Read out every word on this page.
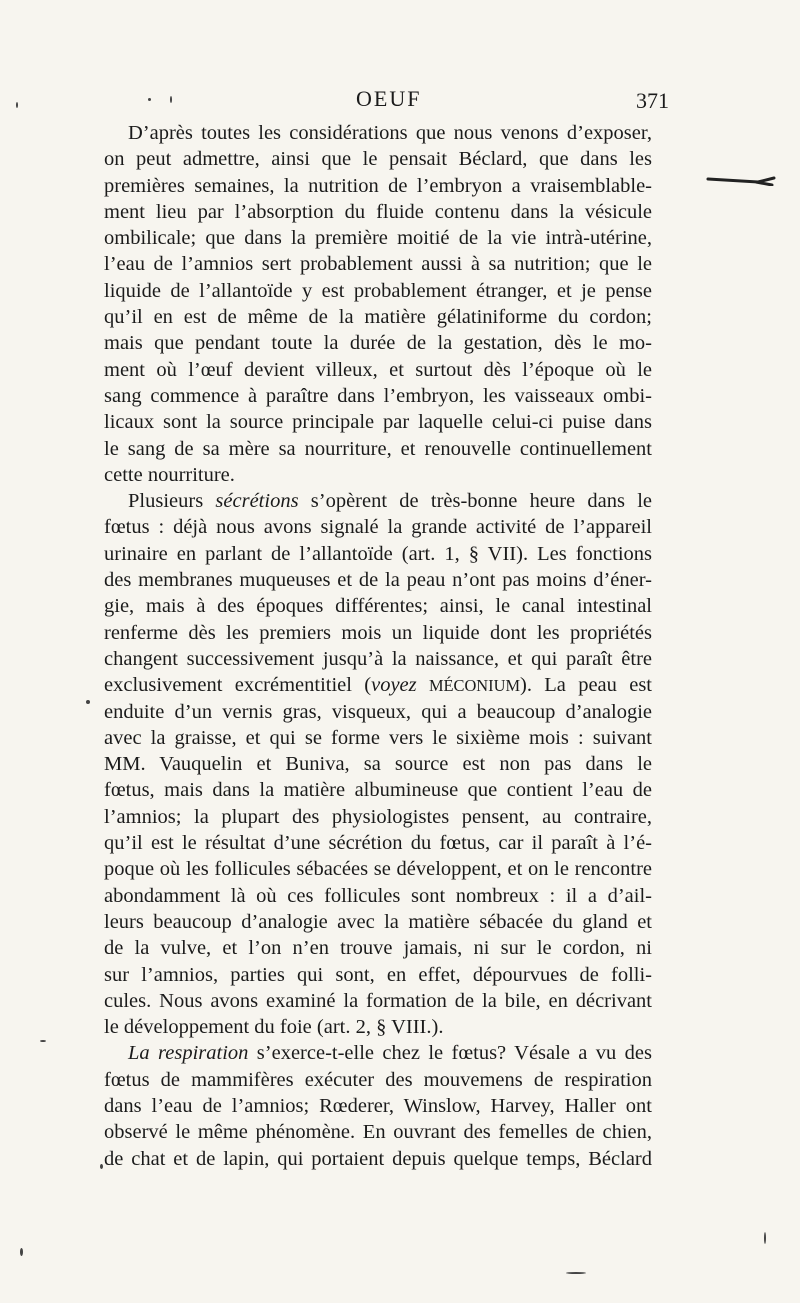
OEUF	371
D’après toutes les considérations que nous venons d’exposer,
on peut admettre, ainsi que le pensait Béclard, que dans les
premières semaines, la nutrition de l’embryon a vraisemblable-
ment lieu par l’absorption du fluide contenu dans la vésicule
ombilicale; que dans la première moitié de la vie intrà-utérine,
l’eau de l’amnios sert probablement aussi à sa nutrition; que le
liquide de l’allantoïde y est probablement étranger, et je pense
qu’il en est de même de la matière gélatiniforme du cordon;
mais que pendant toute la durée de la gestation, dès le mo-
ment où l’œuf devient villeux, et surtout dès l’époque où le
sang commence à paraître dans l’embryon, les vaisseaux ombi-
licaux sont la source principale par laquelle celui-ci puise dans
le sang de sa mère sa nourriture, et renouvelle continuellement
cette nourriture.
Plusieurs sécrétions s’opèrent de très-bonne heure dans le
fœtus : déjà nous avons signalé la grande activité de l’appareil
urinaire en parlant de l’allantoïde (art. 1, § VII). Les fonctions
des membranes muqueuses et de la peau n’ont pas moins d’éner-
gie, mais à des époques différentes; ainsi, le canal intestinal
renferme dès les premiers mois un liquide dont les propriétés
changent successivement jusqu’à la naissance, et qui paraît être
exclusivement excrémentitiel (voyez MÉCONIUM). La peau est
enduite d’un vernis gras, visqueux, qui a beaucoup d’analogie
avec la graisse, et qui se forme vers le sixième mois : suivant
MM. Vauquelin et Buniva, sa source est non pas dans le
fœtus, mais dans la matière albumineuse que contient l’eau de
l’amnios; la plupart des physiologistes pensent, au contraire,
qu’il est le résultat d’une sécrétion du fœtus, car il paraît à l’é-
poque où les follicules sébacées se développent, et on le rencontre
abondamment là où ces follicules sont nombreux : il a d’ail-
leurs beaucoup d’analogie avec la matière sébacée du gland et
de la vulve, et l’on n’en trouve jamais, ni sur le cordon, ni
sur l’amnios, parties qui sont, en effet, dépourvues de folli-
cules. Nous avons examiné la formation de la bile, en décrivant
le développement du foie (art. 2, § VIII.).
La respiration s’exerce-t-elle chez le fœtus? Vésale a vu des
fœtus de mammifères exécuter des mouvemens de respiration
dans l’eau de l’amnios; Rœderer, Winslow, Harvey, Haller ont
observé le même phénomène. En ouvrant des femelles de chien,
de chat et de lapin, qui portaient depuis quelque temps, Béclard
